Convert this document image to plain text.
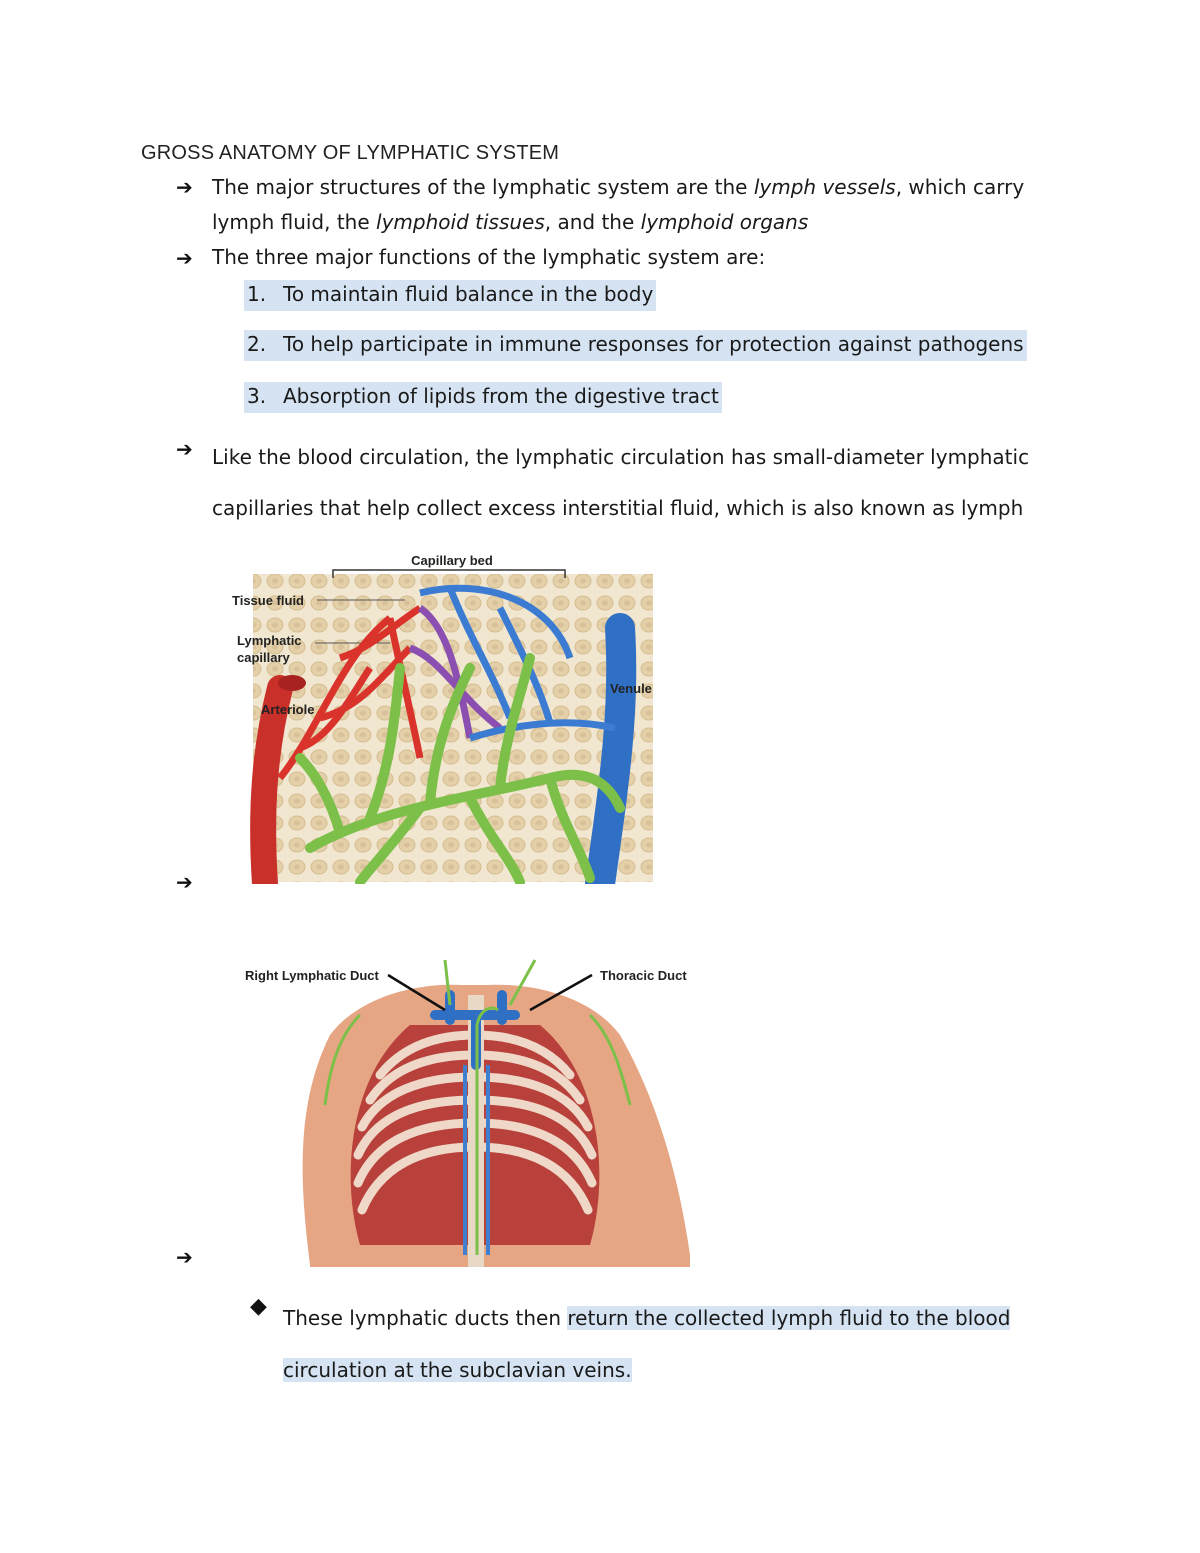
GROSS ANATOMY OF LYMPHATIC SYSTEM
➔ The major structures of the lymphatic system are the lymph vessels, which carry
lymph fluid, the lymphoid tissues, and the lymphoid organs
➔ The three major functions of the lymphatic system are:
1. To maintain fluid balance in the body
2. To help participate in immune responses for protection against pathogens
3. Absorption of lipids from the digestive tract
➔ Like the blood circulation, the lymphatic circulation has small-diameter lymphatic
capillaries that help collect excess interstitial fluid, which is also known as lymph
Capillary bed
Tissue fluid
Lymphatic
capillary
Arteriole
Venule
➔
Right Lymphatic Duct	Thoracic Duct
➔
◆ These lymphatic ducts then return the collected lymph fluid to the blood
circulation at the subclavian veins.
